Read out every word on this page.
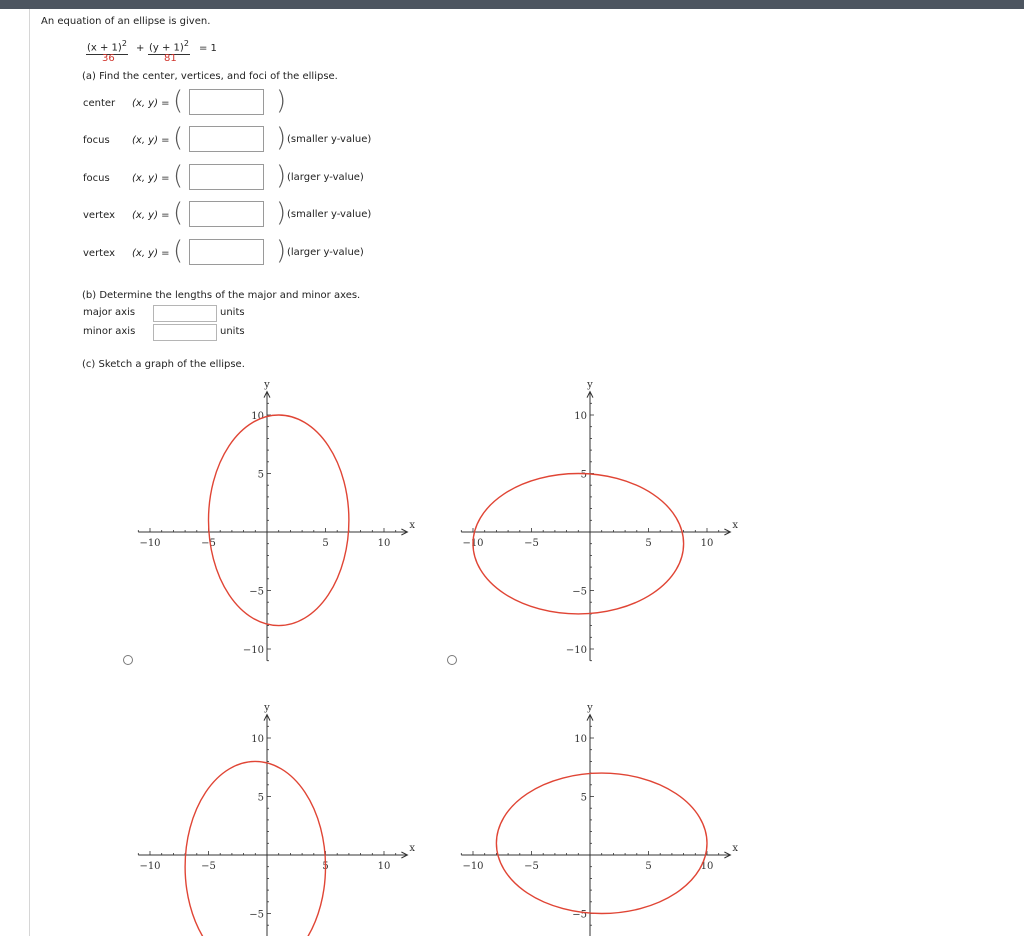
An equation of an ellipse is given.
$(x + 1)^2$
36
+ $(y + 1)^2$
81
= 1
(a) Find the center, vertices, and foci of the ellipse.
center (x, y) = (	)
focus (x, y) = (	) (smaller y-value)
focus (x, y) = (	) (larger y-value)
vertex (x, y) = (	) (smaller y-value)
vertex (x, y) = (	) (larger y-value)
(b) Determine the lengths of the major and minor axes.
major axis	units
minor axis	units
(c) Sketch a graph of the ellipse.
−10	−5	5	10
10
5
−5
−10
x
y
−10	−5	5	10
10
5
−5
−10
x
y
−10	−5	5	10
10
5
−5
x
y
−10	−5	5	10
10
5
−5
x
y
